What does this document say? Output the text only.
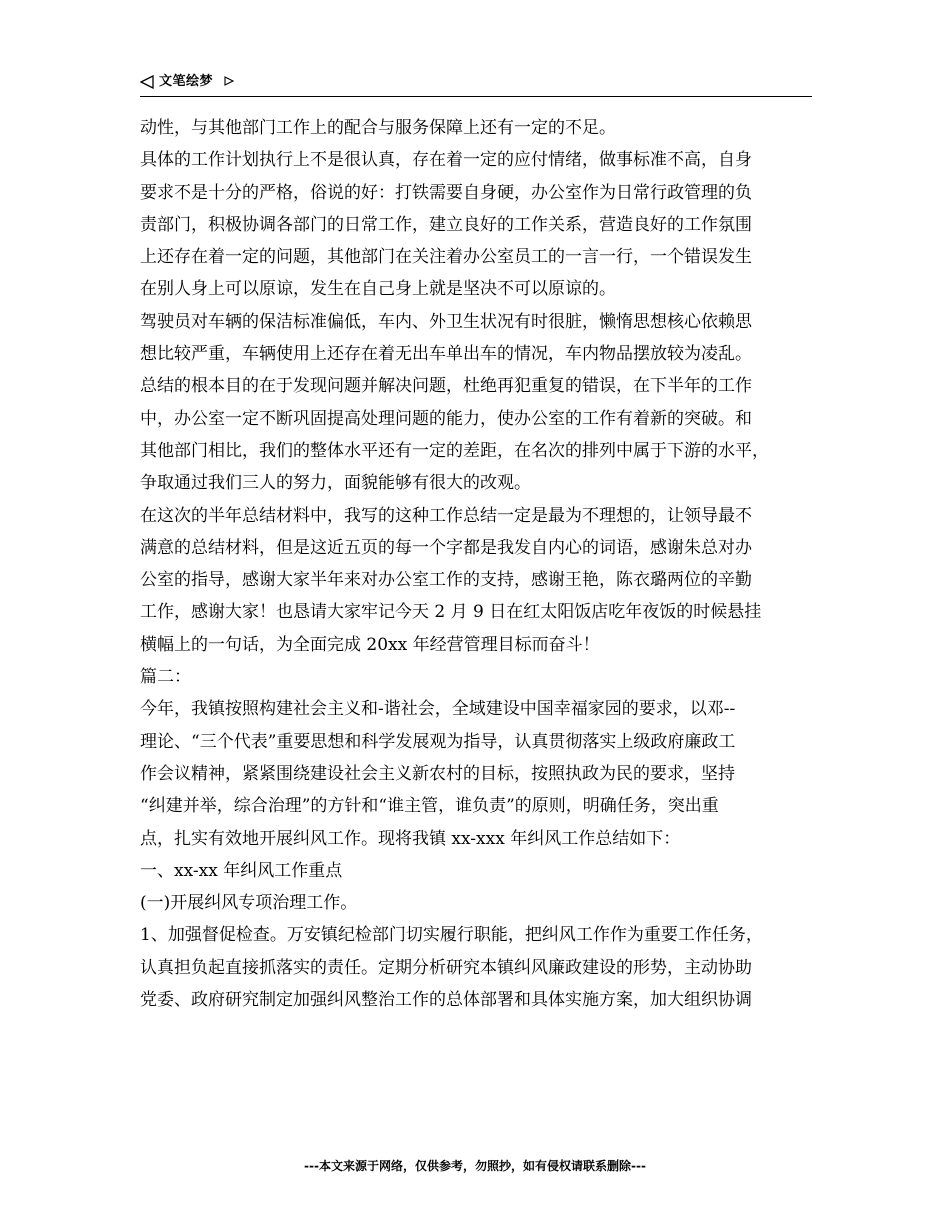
文笔绘梦

动性，与其他部门工作上的配合与服务保障上还有一定的不足。

具体的工作计划执行上不是很认真，存在着一定的应付情绪，做事标准不高，自身

要求不是十分的严格，俗说的好：打铁需要自身硬，办公室作为日常行政管理的负

责部门，积极协调各部门的日常工作，建立良好的工作关系，营造良好的工作氛围

上还存在着一定的问题，其他部门在关注着办公室员工的一言一行，一个错误发生

在别人身上可以原谅，发生在自己身上就是坚决不可以原谅的。

驾驶员对车辆的保洁标准偏低，车内、外卫生状况有时很脏，懒惰思想核心依赖思

想比较严重，车辆使用上还存在着无出车单出车的情况，车内物品摆放较为凌乱。

总结的根本目的在于发现问题并解决问题，杜绝再犯重复的错误，在下半年的工作

中，办公室一定不断巩固提高处理问题的能力，使办公室的工作有着新的突破。和

其他部门相比，我们的整体水平还有一定的差距，在名次的排列中属于下游的水平，

争取通过我们三人的努力，面貌能够有很大的改观。

在这次的半年总结材料中，我写的这种工作总结一定是最为不理想的，让领导最不

满意的总结材料，但是这近五页的每一个字都是我发自内心的词语，感谢朱总对办

公室的指导，感谢大家半年来对办公室工作的支持，感谢王艳，陈衣璐两位的辛勤

工作，感谢大家！也恳请大家牢记今天 2 月 9 日在红太阳饭店吃年夜饭的时候悬挂

横幅上的一句话，为全面完成 20xx 年经营管理目标而奋斗！

篇二：

今年，我镇按照构建社会主义和-谐社会，全域建设中国幸福家园的要求，以邓--

理论、“三个代表”重要思想和科学发展观为指导，认真贯彻落实上级政府廉政工

作会议精神，紧紧围绕建设社会主义新农村的目标，按照执政为民的要求，坚持

“纠建并举，综合治理”的方针和“谁主管，谁负责”的原则，明确任务，突出重

点，扎实有效地开展纠风工作。现将我镇 xx-xxx 年纠风工作总结如下：

一、xx-xx 年纠风工作重点

(一)开展纠风专项治理工作。

1、加强督促检查。万安镇纪检部门切实履行职能，把纠风工作作为重要工作任务，

认真担负起直接抓落实的责任。定期分析研究本镇纠风廉政建设的形势，主动协助

党委、政府研究制定加强纠风整治工作的总体部署和具体实施方案，加大组织协调

---本文来源于网络，仅供参考，勿照抄，如有侵权请联系删除---
